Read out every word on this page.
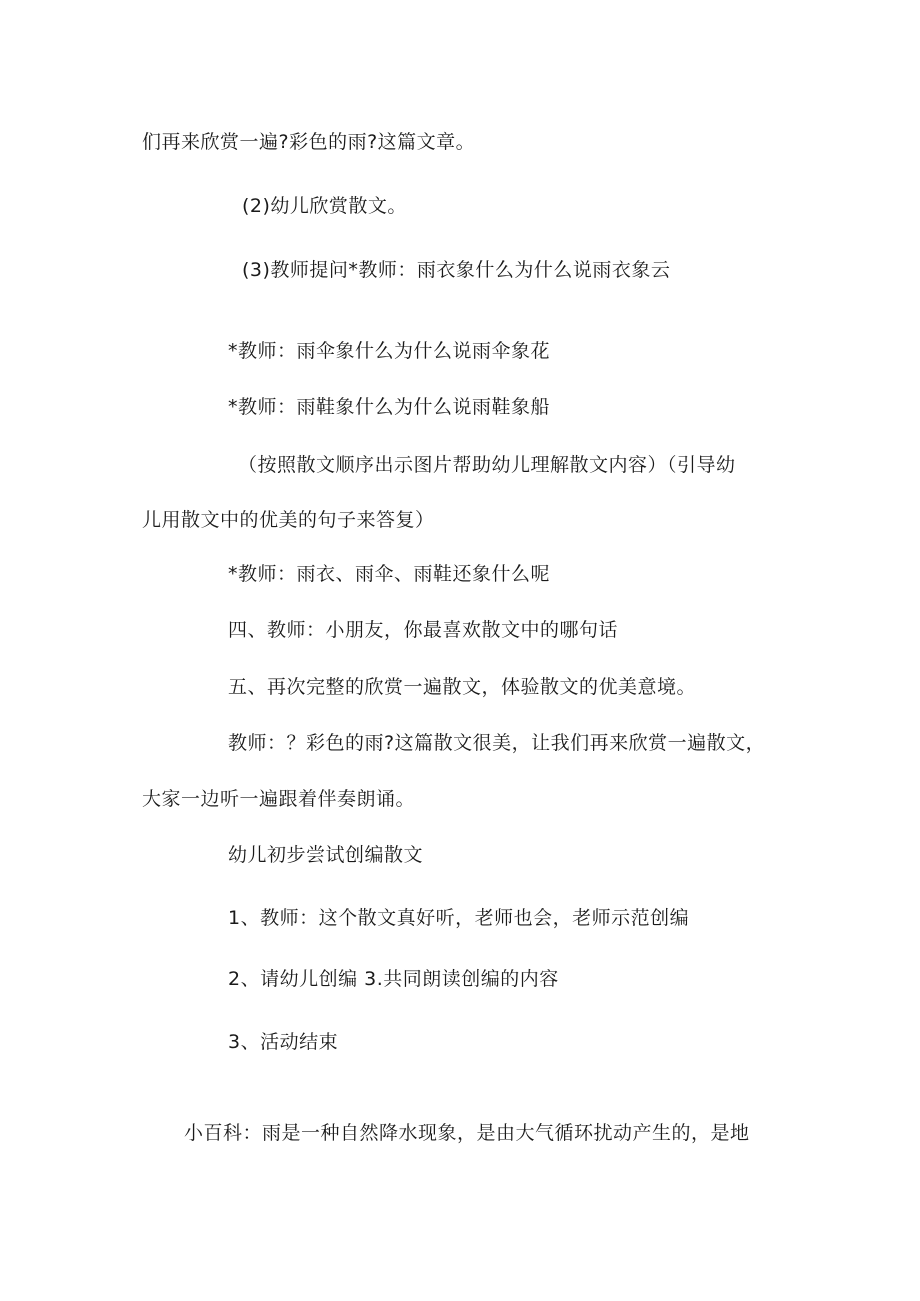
们再来欣赏一遍?彩色的雨?这篇文章。
(2)幼儿欣赏散文。
(3)教师提问*教师：雨衣象什么为什么说雨衣象云
*教师：雨伞象什么为什么说雨伞象花
*教师：雨鞋象什么为什么说雨鞋象船
（按照散文顺序出示图片帮助幼儿理解散文内容）（引导幼
儿用散文中的优美的句子来答复）
*教师：雨衣、雨伞、雨鞋还象什么呢
四、教师：小朋友，你最喜欢散文中的哪句话
五、再次完整的欣赏一遍散文，体验散文的优美意境。
教师：？彩色的雨?这篇散文很美，让我们再来欣赏一遍散文，
大家一边听一遍跟着伴奏朗诵。
幼儿初步尝试创编散文
1、教师：这个散文真好听，老师也会，老师示范创编
2、请幼儿创编 3.共同朗读创编的内容
3、活动结束
小百科：雨是一种自然降水现象，是由大气循环扰动产生的，是地
